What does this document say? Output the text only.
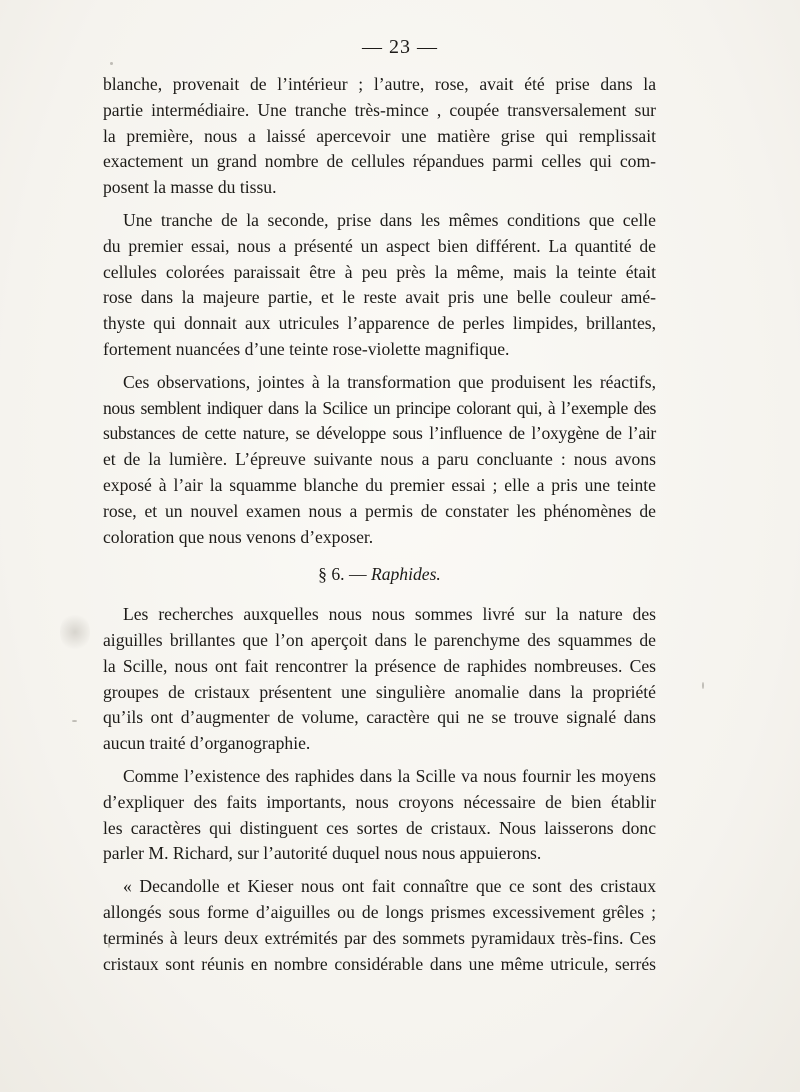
— 23 —
blanche, provenait de l’intérieur ; l’autre, rose, avait été prise dans la
partie intermédiaire. Une tranche très-mince , coupée transversalement sur
la première, nous a laissé apercevoir une matière grise qui remplissait
exactement un grand nombre de cellules répandues parmi celles qui com-
posent la masse du tissu.
Une tranche de la seconde, prise dans les mêmes conditions que celle
du premier essai, nous a présenté un aspect bien différent. La quantité de
cellules colorées paraissait être à peu près la même, mais la teinte était
rose dans la majeure partie, et le reste avait pris une belle couleur amé-
thyste qui donnait aux utricules l’apparence de perles limpides, brillantes,
fortement nuancées d’une teinte rose-violette magnifique.
Ces observations, jointes à la transformation que produisent les réactifs,
nous semblent indiquer dans la Scilice un principe colorant qui, à l’exemple des
substances de cette nature, se développe sous l’influence de l’oxygène de l’air
et de la lumière. L’épreuve suivante nous a paru concluante : nous avons
exposé à l’air la squamme blanche du premier essai ; elle a pris une teinte
rose, et un nouvel examen nous a permis de constater les phénomènes de
coloration que nous venons d’exposer.
§ 6. — Raphides.
Les recherches auxquelles nous nous sommes livré sur la nature des
aiguilles brillantes que l’on aperçoit dans le parenchyme des squammes de
la Scille, nous ont fait rencontrer la présence de raphides nombreuses. Ces
groupes de cristaux présentent une singulière anomalie dans la propriété
qu’ils ont d’augmenter de volume, caractère qui ne se trouve signalé dans
aucun traité d’organographie.
Comme l’existence des raphides dans la Scille va nous fournir les moyens
d’expliquer des faits importants, nous croyons nécessaire de bien établir
les caractères qui distinguent ces sortes de cristaux. Nous laisserons donc
parler M. Richard, sur l’autorité duquel nous nous appuierons.
« Decandolle et Kieser nous ont fait connaître que ce sont des cristaux
allongés sous forme d’aiguilles ou de longs prismes excessivement grêles ;
terminés à leurs deux extrémités par des sommets pyramidaux très-fins. Ces
cristaux sont réunis en nombre considérable dans une même utricule, serrés
